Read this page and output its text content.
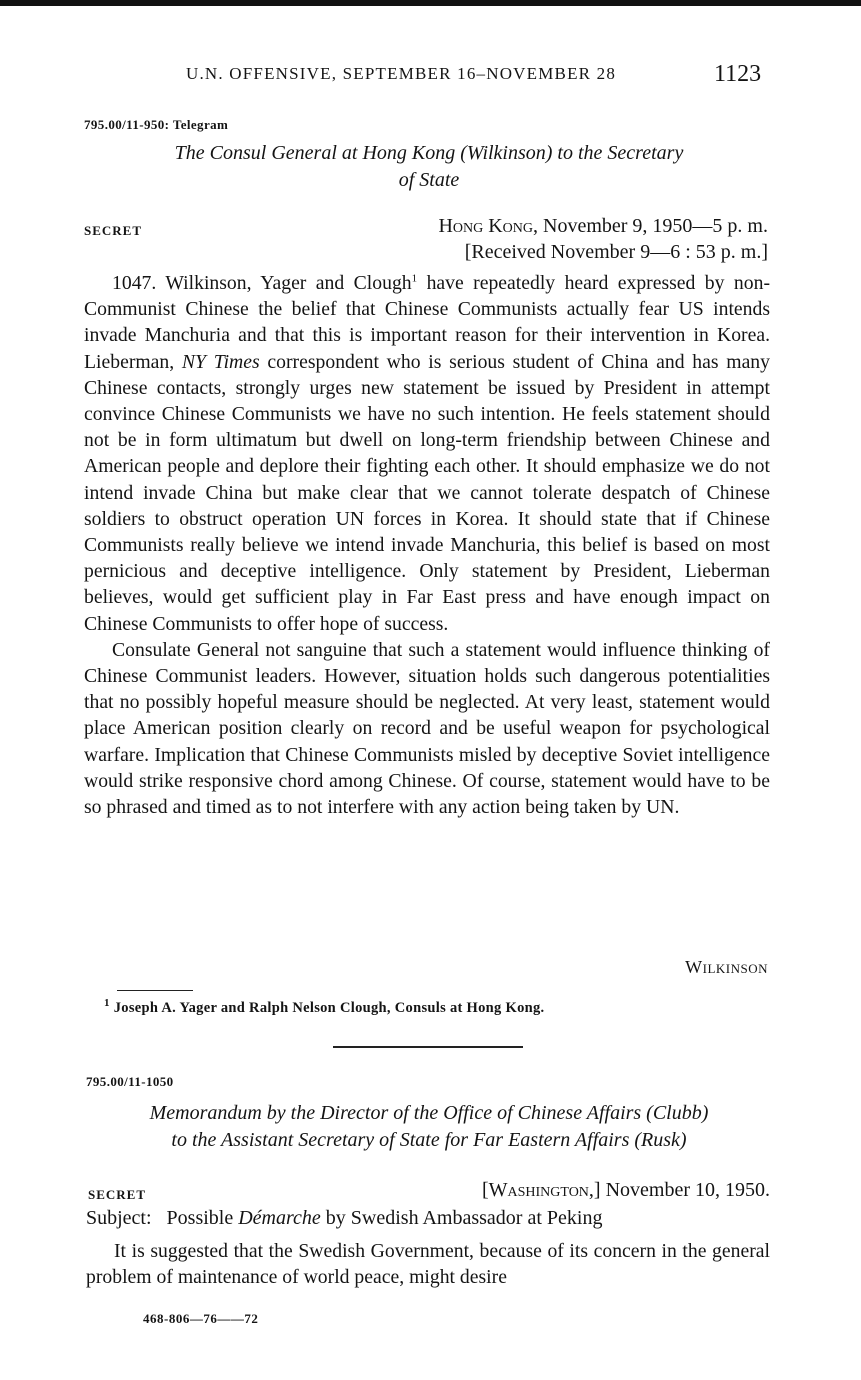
U.N. OFFENSIVE, SEPTEMBER 16–NOVEMBER 28	1123
795.00/11-950: Telegram
The Consul General at Hong Kong (Wilkinson) to the Secretary
of State
SECRET	Hong Kong, November 9, 1950—5 p. m.
[Received November 9—6 : 53 p. m.]

1047. Wilkinson, Yager and Clough$^1$ have repeatedly heard expressed by non-Communist Chinese the belief that Chinese Communists actually fear US intends invade Manchuria and that this is important reason for their intervention in Korea. Lieberman, NY Times correspondent who is serious student of China and has many Chinese contacts, strongly urges new statement be issued by President in attempt convince Chinese Communists we have no such intention. He feels statement should not be in form ultimatum but dwell on long-term friendship between Chinese and American people and deplore their fighting each other. It should emphasize we do not intend invade China but make clear that we cannot tolerate despatch of Chinese soldiers to obstruct operation UN forces in Korea. It should state that if Chinese Communists really believe we intend invade Manchuria, this belief is based on most pernicious and deceptive intelligence. Only statement by President, Lieberman believes, would get sufficient play in Far East press and have enough impact on Chinese Communists to offer hope of success.

Consulate General not sanguine that such a statement would influence thinking of Chinese Communist leaders. However, situation holds such dangerous potentialities that no possibly hopeful measure should be neglected. At very least, statement would place American position clearly on record and be useful weapon for psychological warfare. Implication that Chinese Communists misled by deceptive Soviet intelligence would strike responsive chord among Chinese. Of course, statement would have to be so phrased and timed as to not interfere with any action being taken by UN.

Wilkinson
$^1$ Joseph A. Yager and Ralph Nelson Clough, Consuls at Hong Kong.
795.00/11-1050
Memorandum by the Director of the Office of Chinese Affairs (Clubb)
to the Assistant Secretary of State for Far Eastern Affairs (Rusk)
SECRET	[Washington,] November 10, 1950.
Subject: Possible Démarche by Swedish Ambassador at Peking

It is suggested that the Swedish Government, because of its concern in the general problem of maintenance of world peace, might desire

468-806—76——72
